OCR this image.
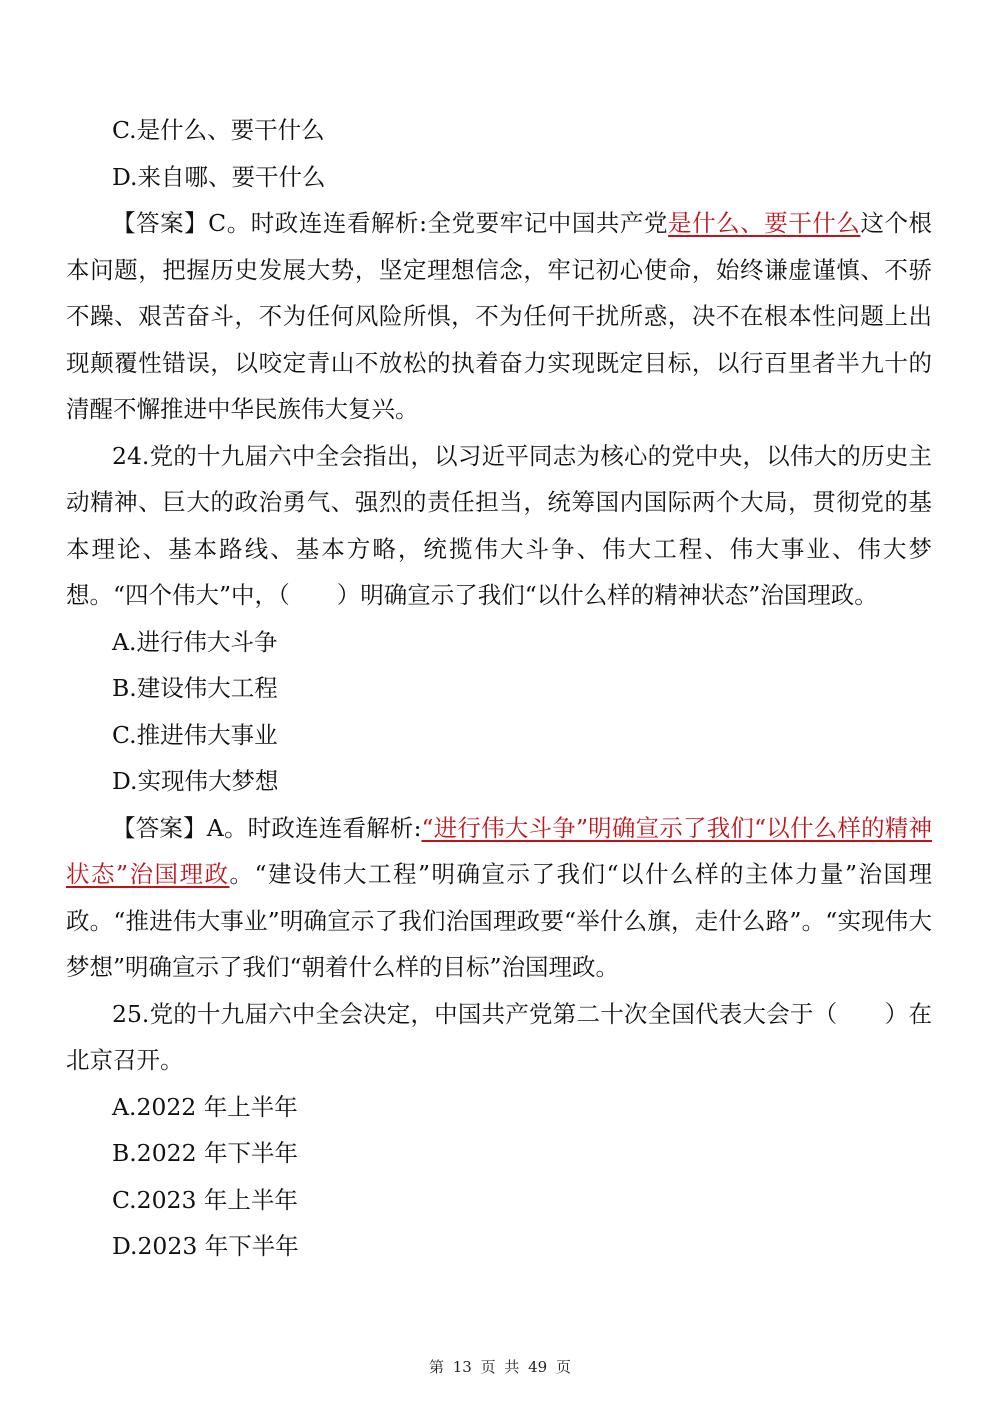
C.是什么、要干什么

D.来自哪、要干什么

【答案】C。时政连连看解析:全党要牢记中国共产党是什么、要干什么这个根本问题，把握历史发展大势，坚定理想信念，牢记初心使命，始终谦虚谨慎、不骄不躁、艰苦奋斗，不为任何风险所惧，不为任何干扰所惑，决不在根本性问题上出现颠覆性错误，以咬定青山不放松的执着奋力实现既定目标，以行百里者半九十的清醒不懈推进中华民族伟大复兴。

24.党的十九届六中全会指出，以习近平同志为核心的党中央，以伟大的历史主动精神、巨大的政治勇气、强烈的责任担当，统筹国内国际两个大局，贯彻党的基本理论、基本路线、基本方略，统揽伟大斗争、伟大工程、伟大事业、伟大梦想。“四个伟大”中，（　　）明确宣示了我们“以什么样的精神状态”治国理政。

A.进行伟大斗争

B.建设伟大工程

C.推进伟大事业

D.实现伟大梦想

【答案】A。时政连连看解析:“进行伟大斗争”明确宣示了我们“以什么样的精神状态”治国理政。“建设伟大工程”明确宣示了我们“以什么样的主体力量”治国理政。“推进伟大事业”明确宣示了我们治国理政要“举什么旗，走什么路”。“实现伟大梦想”明确宣示了我们“朝着什么样的目标”治国理政。

25.党的十九届六中全会决定，中国共产党第二十次全国代表大会于（　　）在北京召开。

A.2022 年上半年

B.2022 年下半年

C.2023 年上半年

D.2023 年下半年

第 13 页 共 49 页
